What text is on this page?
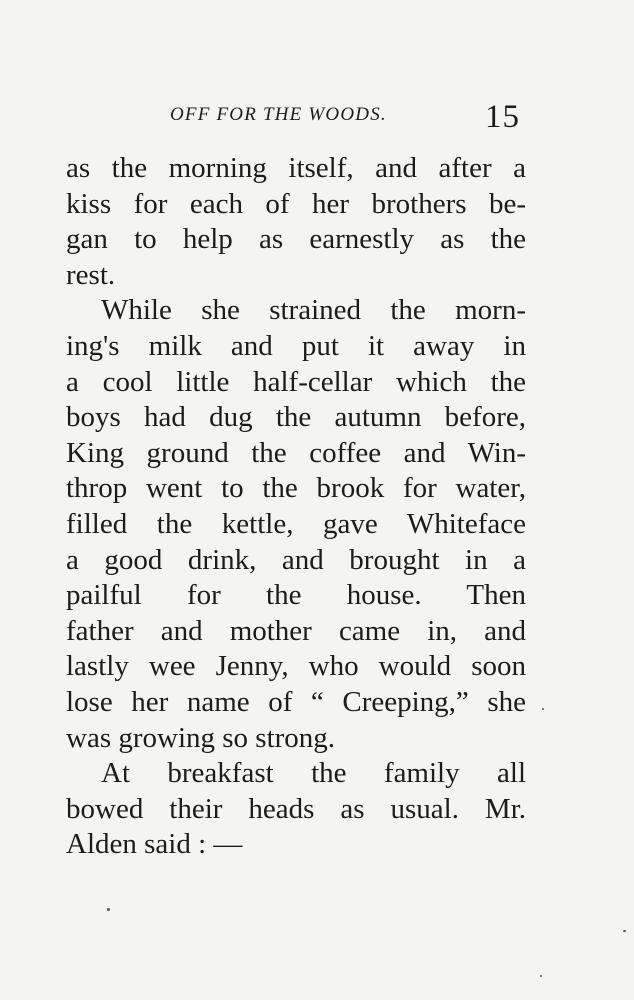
OFF FOR THE WOODS.	15
as the morning itself, and after a
kiss for each of her brothers be-
gan to help as earnestly as the
rest.
While she strained the morn-
ing's milk and put it away in
a cool little half-cellar which the
boys had dug the autumn before,
King ground the coffee and Win-
throp went to the brook for water,
filled the kettle, gave Whiteface
a good drink, and brought in a
pailful for the house. Then
father and mother came in, and
lastly wee Jenny, who would soon
lose her name of “ Creeping,” she
was growing so strong.
At breakfast the family all
bowed their heads as usual. Mr.
Alden said : —
